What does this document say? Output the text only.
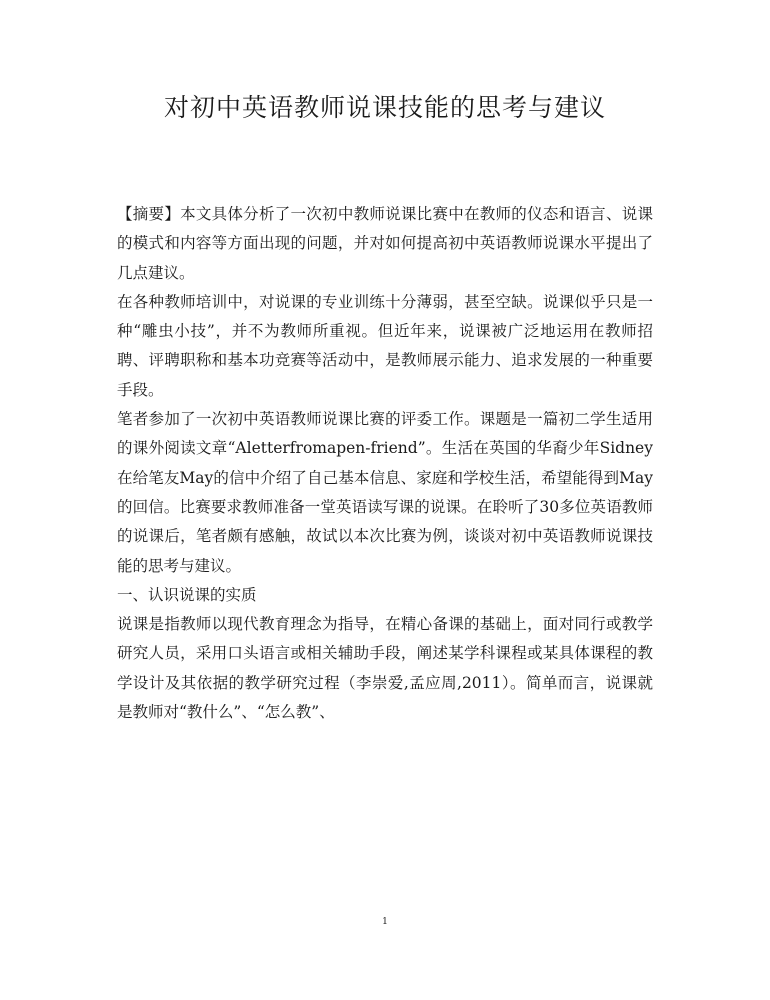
对初中英语教师说课技能的思考与建议

【摘要】本文具体分析了一次初中教师说课比赛中在教师的仪态和语言、说课的模式和内容等方面出现的问题，并对如何提高初中英语教师说课水平提出了几点建议。

在各种教师培训中，对说课的专业训练十分薄弱，甚至空缺。说课似乎只是一种“雕虫小技”，并不为教师所重视。但近年来，说课被广泛地运用在教师招聘、评聘职称和基本功竞赛等活动中，是教师展示能力、追求发展的一种重要手段。

笔者参加了一次初中英语教师说课比赛的评委工作。课题是一篇初二学生适用的课外阅读文章“Aletterfromapen-friend”。生活在英国的华裔少年Sidney在给笔友May的信中介绍了自己基本信息、家庭和学校生活，希望能得到May的回信。比赛要求教师准备一堂英语读写课的说课。在聆听了30多位英语教师的说课后，笔者颇有感触，故试以本次比赛为例，谈谈对初中英语教师说课技能的思考与建议。

一、认识说课的实质

说课是指教师以现代教育理念为指导，在精心备课的基础上，面对同行或教学研究人员，采用口头语言或相关辅助手段，阐述某学科课程或某具体课程的教学设计及其依据的教学研究过程（李崇爱,孟应周,2011）。简单而言，说课就是教师对“教什么”、“怎么教”、

1
